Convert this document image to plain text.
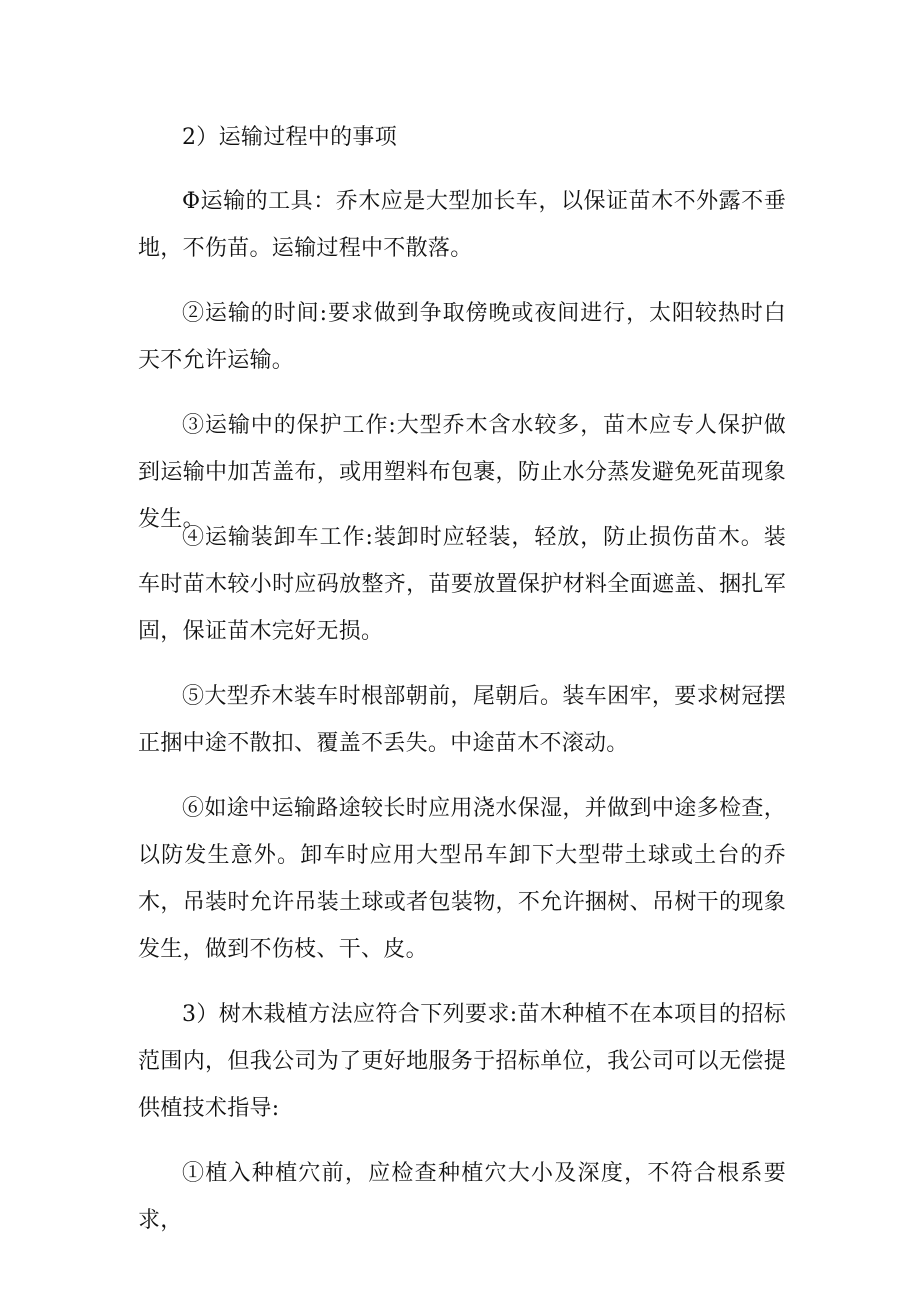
2）运输过程中的事项

Φ运输的工具：乔木应是大型加长车，以保证苗木不外露不垂地，不伤苗。运输过程中不散落。

②运输的时间:要求做到争取傍晚或夜间进行，太阳较热时白天不允许运输。

③运输中的保护工作:大型乔木含水较多，苗木应专人保护做到运输中加苫盖布，或用塑料布包裹，防止水分蒸发避免死苗现象发生。

④运输装卸车工作:装卸时应轻装，轻放，防止损伤苗木。装车时苗木较小时应码放整齐，苗要放置保护材料全面遮盖、捆扎军固，保证苗木完好无损。

⑤大型乔木装车时根部朝前，尾朝后。装车困牢，要求树冠摆正捆中途不散扣、覆盖不丢失。中途苗木不滚动。

⑥如途中运输路途较长时应用浇水保湿，并做到中途多检查，以防发生意外。卸车时应用大型吊车卸下大型带土球或土台的乔木，吊装时允许吊装土球或者包装物，不允许捆树、吊树干的现象发生，做到不伤枝、干、皮。

3）树木栽植方法应符合下列要求:苗木种植不在本项目的招标范围内，但我公司为了更好地服务于招标单位，我公司可以无偿提供植技术指导:

①植入种植穴前，应检查种植穴大小及深度，不符合根系要求，
